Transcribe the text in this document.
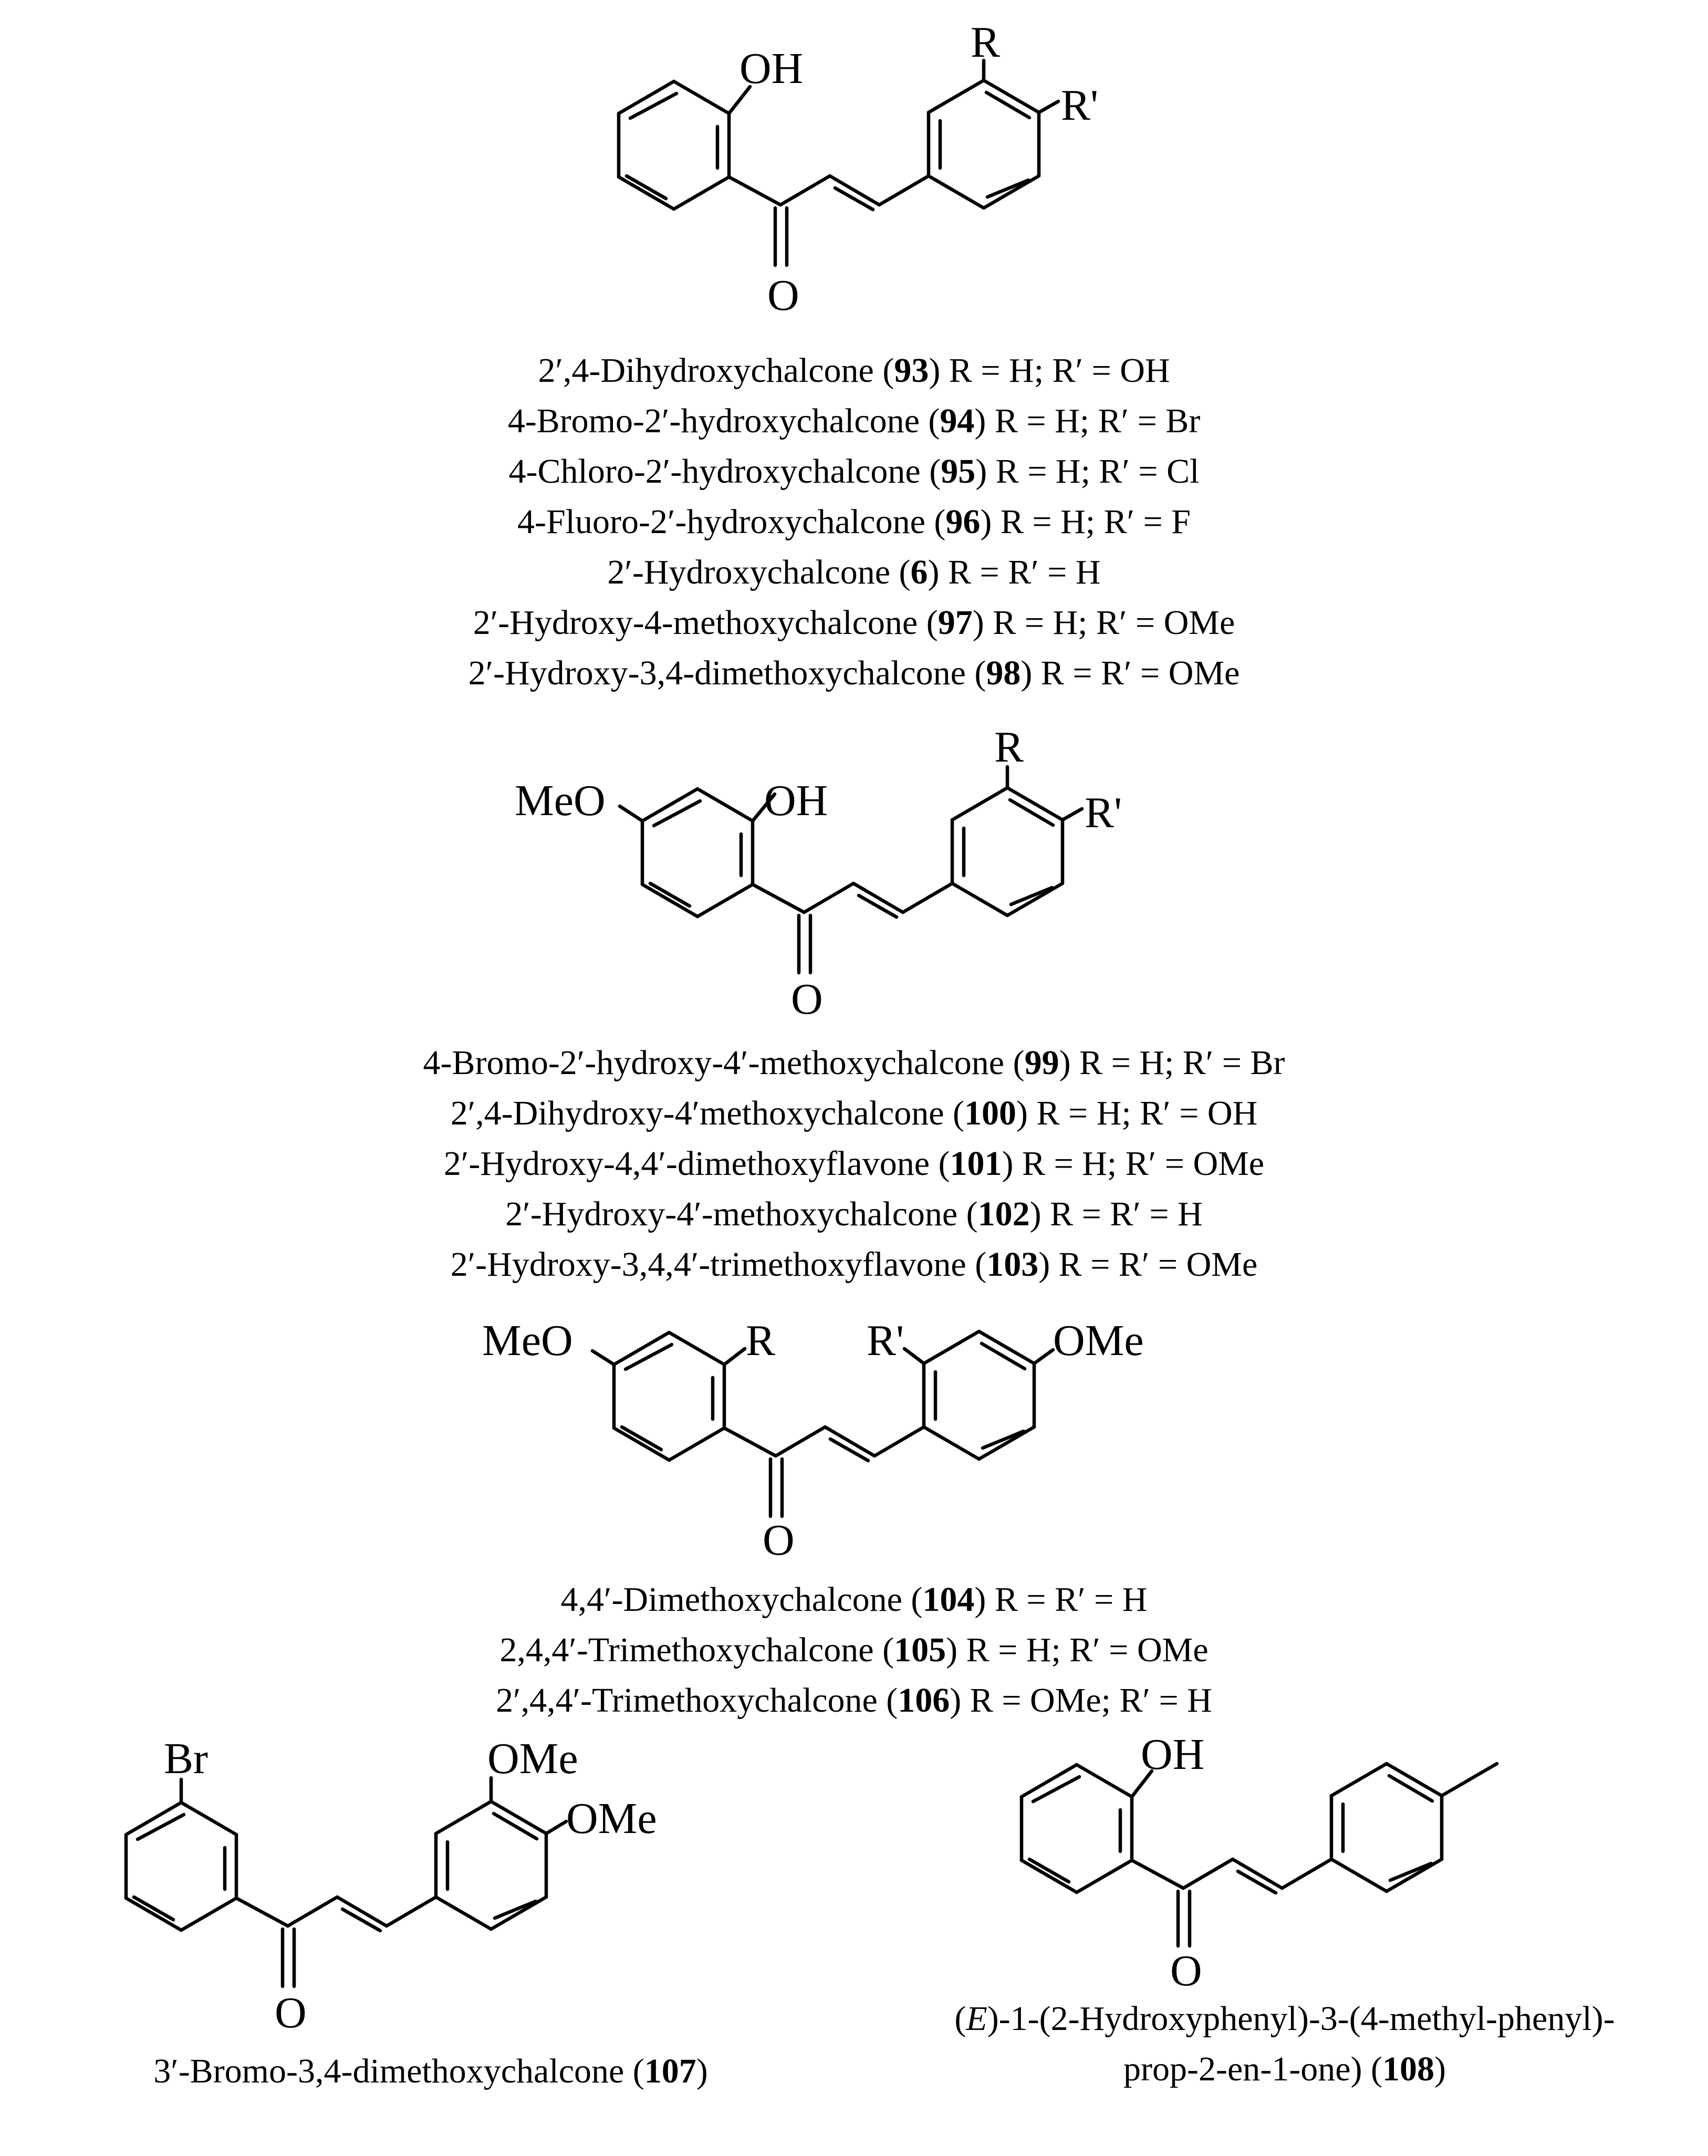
OH
R
R'
O
2′,4-Dihydroxychalcone (93) R = H; R′ = OH
4-Bromo-2′-hydroxychalcone (94) R = H; R′ = Br
4-Chloro-2′-hydroxychalcone (95) R = H; R′ = Cl
4-Fluoro-2′-hydroxychalcone (96) R = H; R′ = F
2′-Hydroxychalcone (6) R = R′ = H
2′-Hydroxy-4-methoxychalcone (97) R = H; R′ = OMe
2′-Hydroxy-3,4-dimethoxychalcone (98) R = R′ = OMe
MeO	OH
R
R'
O
4-Bromo-2′-hydroxy-4′-methoxychalcone (99) R = H; R′ = Br
2′,4-Dihydroxy-4′methoxychalcone (100) R = H; R′ = OH
2′-Hydroxy-4,4′-dimethoxyflavone (101) R = H; R′ = OMe
2′-Hydroxy-4′-methoxychalcone (102) R = R′ = H
2′-Hydroxy-3,4,4′-trimethoxyflavone (103) R = R′ = OMe
MeO	R R'	OMe
O
4,4′-Dimethoxychalcone (104) R = R′ = H
2,4,4′-Trimethoxychalcone (105) R = H; R′ = OMe
2′,4,4′-Trimethoxychalcone (106) R = OMe; R′ = H
Br	OMe
OMe
O
3′-Bromo-3,4-dimethoxychalcone (107)
OH
O
(E)-1-(2-Hydroxyphenyl)-3-(4-methyl-phenyl)-
prop-2-en-1-one) (108)
